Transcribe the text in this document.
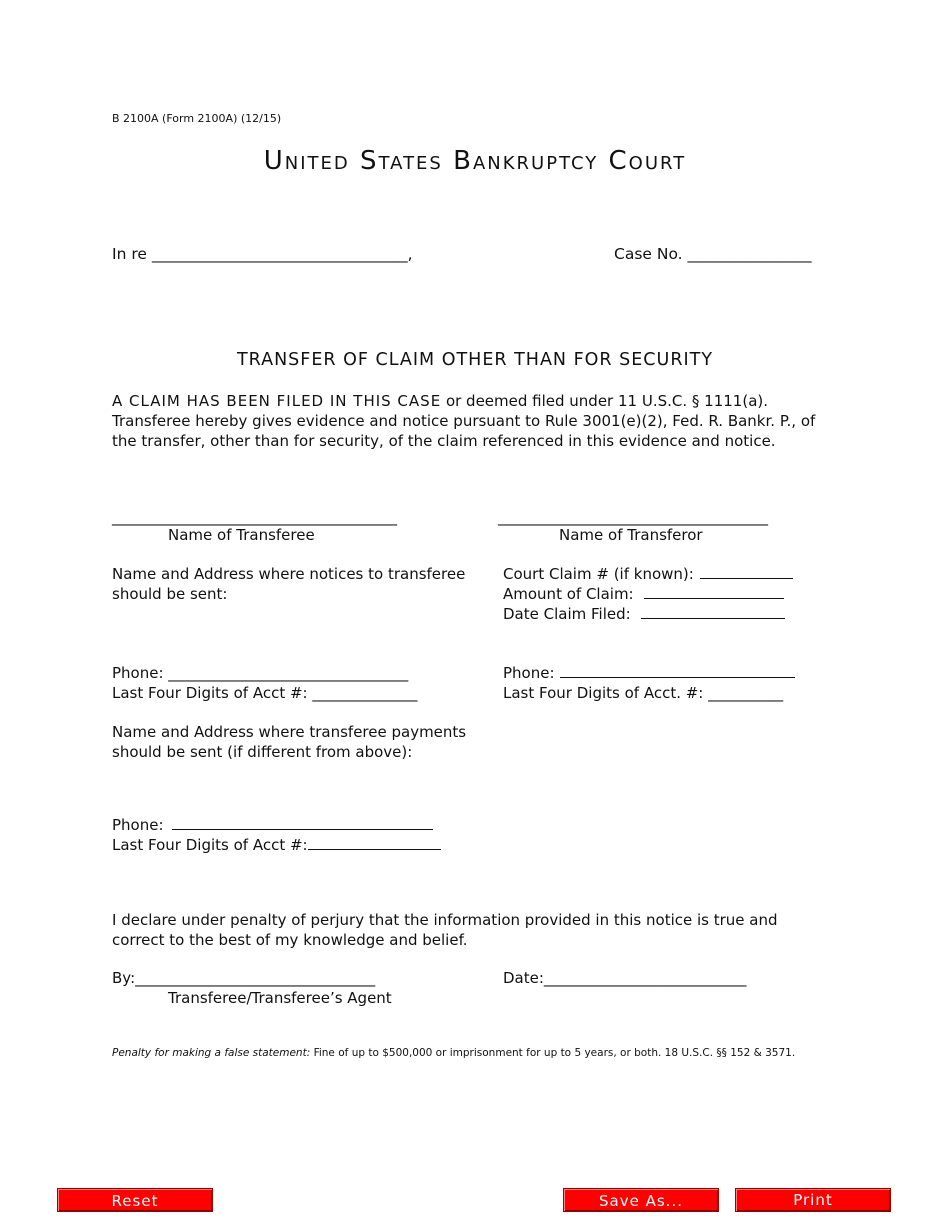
B 2100A (Form 2100A) (12/15)
United States Bankruptcy Court
In re _________________________________,	Case No. ________________
TRANSFER OF CLAIM OTHER THAN FOR SECURITY
A CLAIM HAS BEEN FILED IN THIS CASE or deemed filed under 11 U.S.C. § 1111(a). Transferee hereby gives evidence and notice pursuant to Rule 3001(e)(2), Fed. R. Bankr. P., of the transfer, other than for security, of the claim referenced in this evidence and notice.
______________________________________
Name of Transferee
____________________________________
Name of Transferor
Name and Address where notices to transferee
should be sent:
Court Claim # (if known):
Amount of Claim:
Date Claim Filed:
Phone: ________________________________
Last Four Digits of Acct #: ______________
Phone:
Last Four Digits of Acct. #: __________
Name and Address where transferee payments
should be sent (if different from above):
Phone:
Last Four Digits of Acct #:
I declare under penalty of perjury that the information provided in this notice is true and correct to the best of my knowledge and belief.
By:________________________________
Transferee/Transferee’s Agent
Date:___________________________
Penalty for making a false statement: Fine of up to $500,000 or imprisonment for up to 5 years, or both. 18 U.S.C. §§ 152 & 3571.
Reset	Save As...	Print
